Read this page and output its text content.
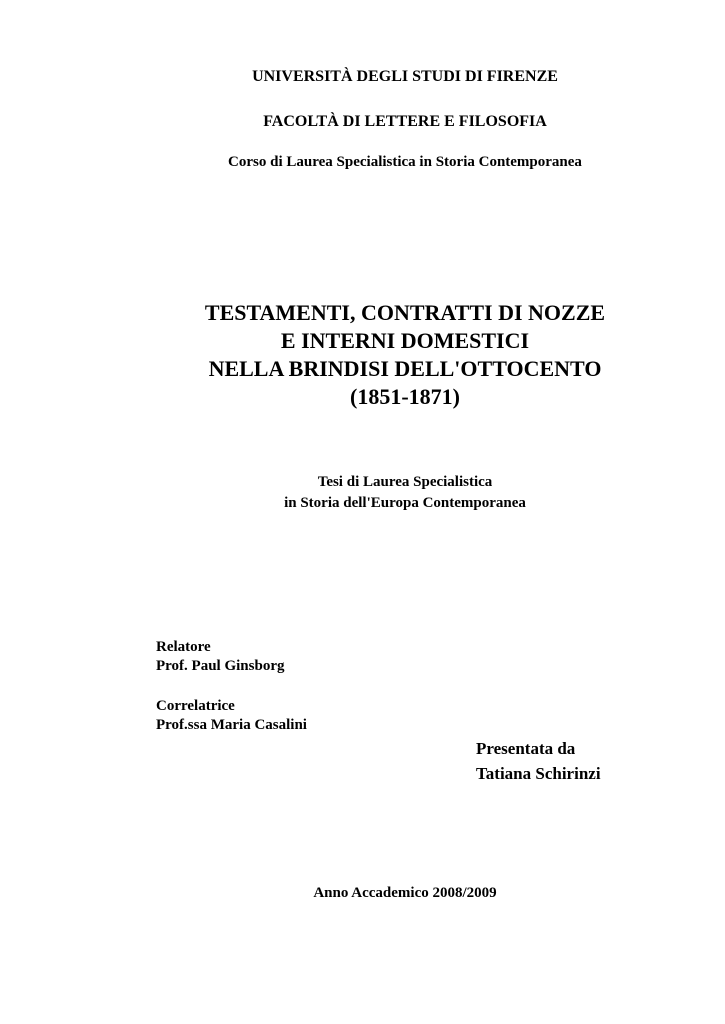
UNIVERSITÀ DEGLI STUDI DI FIRENZE

FACOLTÀ DI LETTERE E FILOSOFIA

Corso di Laurea Specialistica in Storia Contemporanea

TESTAMENTI, CONTRATTI DI NOZZE

E INTERNI DOMESTICI

NELLA BRINDISI DELL'OTTOCENTO

(1851-1871)

Tesi di Laurea Specialistica

in Storia dell'Europa Contemporanea

Relatore

Prof. Paul Ginsborg

Correlatrice

Prof.ssa Maria Casalini

Presentata da

Tatiana Schirinzi

Anno Accademico 2008/2009
